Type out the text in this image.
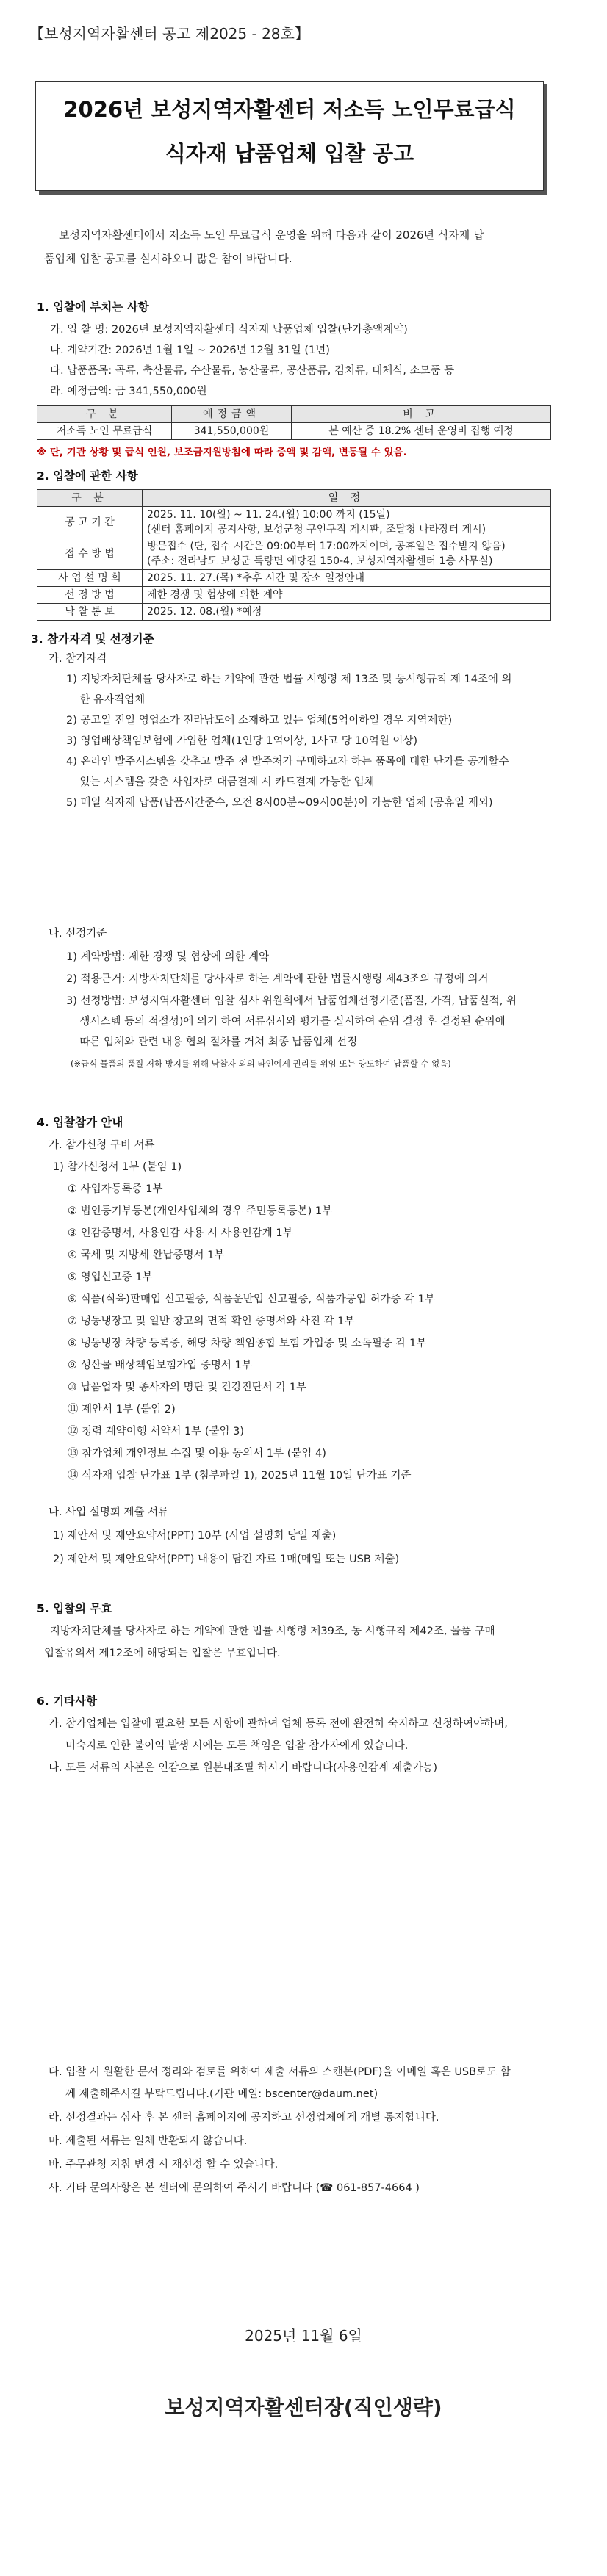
【보성지역자활센터 공고 제2025 - 28호】
2026년 보성지역자활센터 저소득 노인무료급식
식자재 납품업체 입찰 공고
보성지역자활센터에서 저소득 노인 무료급식 운영을 위해 다음과 같이 2026년 식자재 납
품업체 입찰 공고를 실시하오니 많은 참여 바랍니다.
1. 입찰에 부치는 사항
가. 입 찰 명: 2026년 보성지역자활센터 식자재 납품업체 입찰(단가총액계약)
나. 계약기간: 2026년 1월 1일 ~ 2026년 12월 31일 (1년)
다. 납품품목: 곡류, 축산물류, 수산물류, 농산물류, 공산품류, 김치류, 대체식, 소모품 등
라. 예정금액: 금 341,550,000원
구 분	예정금액	비 고
저소득 노인 무료급식	341,550,000원	본 예산 중 18.2% 센터 운영비 집행 예정
※ 단, 기관 상황 및 급식 인원, 보조금지원방침에 따라 증액 및 감액, 변동될 수 있음.
2. 입찰에 관한 사항
구 분	일 정
공 고 기 간	2025. 11. 10(월) ~ 11. 24.(월) 10:00 까지 (15일)
(센터 홈페이지 공지사항, 보성군청 구인구직 게시판, 조달청 나라장터 게시)

접 수 방 법	방문접수 (단, 접수 시간은 09:00부터 17:00까지이며, 공휴일은 접수받지 않음)
(주소: 전라남도 보성군 득량면 예당길 150-4, 보성지역자활센터 1층 사무실)

사 업 설 명 회	2025. 11. 27.(목) *추후 시간 및 장소 일정안내
선 정 방 법	제한 경쟁 및 협상에 의한 계약
낙 찰 통 보	2025. 12. 08.(월) *예정
3. 참가자격 및 선정기준
가. 참가자격
1) 지방자치단체를 당사자로 하는 계약에 관한 법률 시행령 제 13조 및 동시행규칙 제 14조에 의
한 유자격업체
2) 공고일 전일 영업소가 전라남도에 소재하고 있는 업체(5억이하일 경우 지역제한)
3) 영업배상책임보험에 가입한 업체(1인당 1억이상, 1사고 당 10억원 이상)
4) 온라인 발주시스템을 갖추고 발주 전 발주처가 구매하고자 하는 품목에 대한 단가를 공개할수
있는 시스템을 갖춘 사업자로 대금결제 시 카드결제 가능한 업체
5) 매일 식자재 납품(납품시간준수, 오전 8시00분~09시00분)이 가능한 업체 (공휴일 제외)
나. 선정기준
1) 계약방법: 제한 경쟁 및 협상에 의한 계약
2) 적용근거: 지방자치단체를 당사자로 하는 계약에 관한 법률시행령 제43조의 규정에 의거
3) 선정방법: 보성지역자활센터 입찰 심사 위원회에서 납품업체선정기준(품질, 가격, 납품실적, 위
생시스템 등의 적절성)에 의거 하여 서류심사와 평가를 실시하여 순위 결정 후 결정된 순위에
따른 업체와 관련 내용 협의 절차를 거쳐 최종 납품업체 선정
(※급식 물품의 품질 저하 방지를 위해 낙찰자 외의 타인에게 권리를 위임 또는 양도하여 납품할 수 없음)
4. 입찰참가 안내
가. 참가신청 구비 서류
1) 참가신청서 1부 (붙임 1)
① 사업자등록증 1부
② 법인등기부등본(개인사업체의 경우 주민등록등본) 1부
③ 인감증명서, 사용인감 사용 시 사용인감계 1부
④ 국세 및 지방세 완납증명서 1부
⑤ 영업신고증 1부
⑥ 식품(식육)판매업 신고필증, 식품운반업 신고필증, 식품가공업 허가증 각 1부
⑦ 냉동냉장고 및 일반 창고의 면적 확인 증명서와 사진 각 1부
⑧ 냉동냉장 차량 등록증, 해당 차량 책임종합 보험 가입증 및 소독필증 각 1부
⑨ 생산물 배상책임보험가입 증명서 1부
⑩ 납품업자 및 종사자의 명단 및 건강진단서 각 1부
⑪ 제안서 1부 (붙임 2)
⑫ 청렴 계약이행 서약서 1부 (붙임 3)
⑬ 참가업체 개인정보 수집 및 이용 동의서 1부 (붙임 4)
⑭ 식자재 입찰 단가표 1부 (첨부파일 1), 2025년 11월 10일 단가표 기준
나. 사업 설명회 제출 서류
1) 제안서 및 제안요약서(PPT) 10부 (사업 설명회 당일 제출)
2) 제안서 및 제안요약서(PPT) 내용이 담긴 자료 1매(메일 또는 USB 제출)
5. 입찰의 무효
지방자치단체를 당사자로 하는 계약에 관한 법률 시행령 제39조, 동 시행규칙 제42조, 물품 구매
입찰유의서 제12조에 해당되는 입찰은 무효입니다.
6. 기타사항
가. 참가업체는 입찰에 필요한 모든 사항에 관하여 업체 등록 전에 완전히 숙지하고 신청하여야하며,
미숙지로 인한 불이익 발생 시에는 모든 책임은 입찰 참가자에게 있습니다.
나. 모든 서류의 사본은 인감으로 원본대조필 하시기 바랍니다(사용인감계 제출가능)
다. 입찰 시 원활한 문서 정리와 검토를 위하여 제출 서류의 스캔본(PDF)을 이메일 혹은 USB로도 함
께 제출해주시길 부탁드립니다.(기관 메일: bscenter@daum.net)
라. 선정결과는 심사 후 본 센터 홈페이지에 공지하고 선정업체에게 개별 통지합니다.
마. 제출된 서류는 일체 반환되지 않습니다.
바. 주무관청 지침 변경 시 재선정 할 수 있습니다.
사. 기타 문의사항은 본 센터에 문의하여 주시기 바랍니다 (☎ 061-857-4664 )
2025년 11월 6일
보성지역자활센터장(직인생략)
